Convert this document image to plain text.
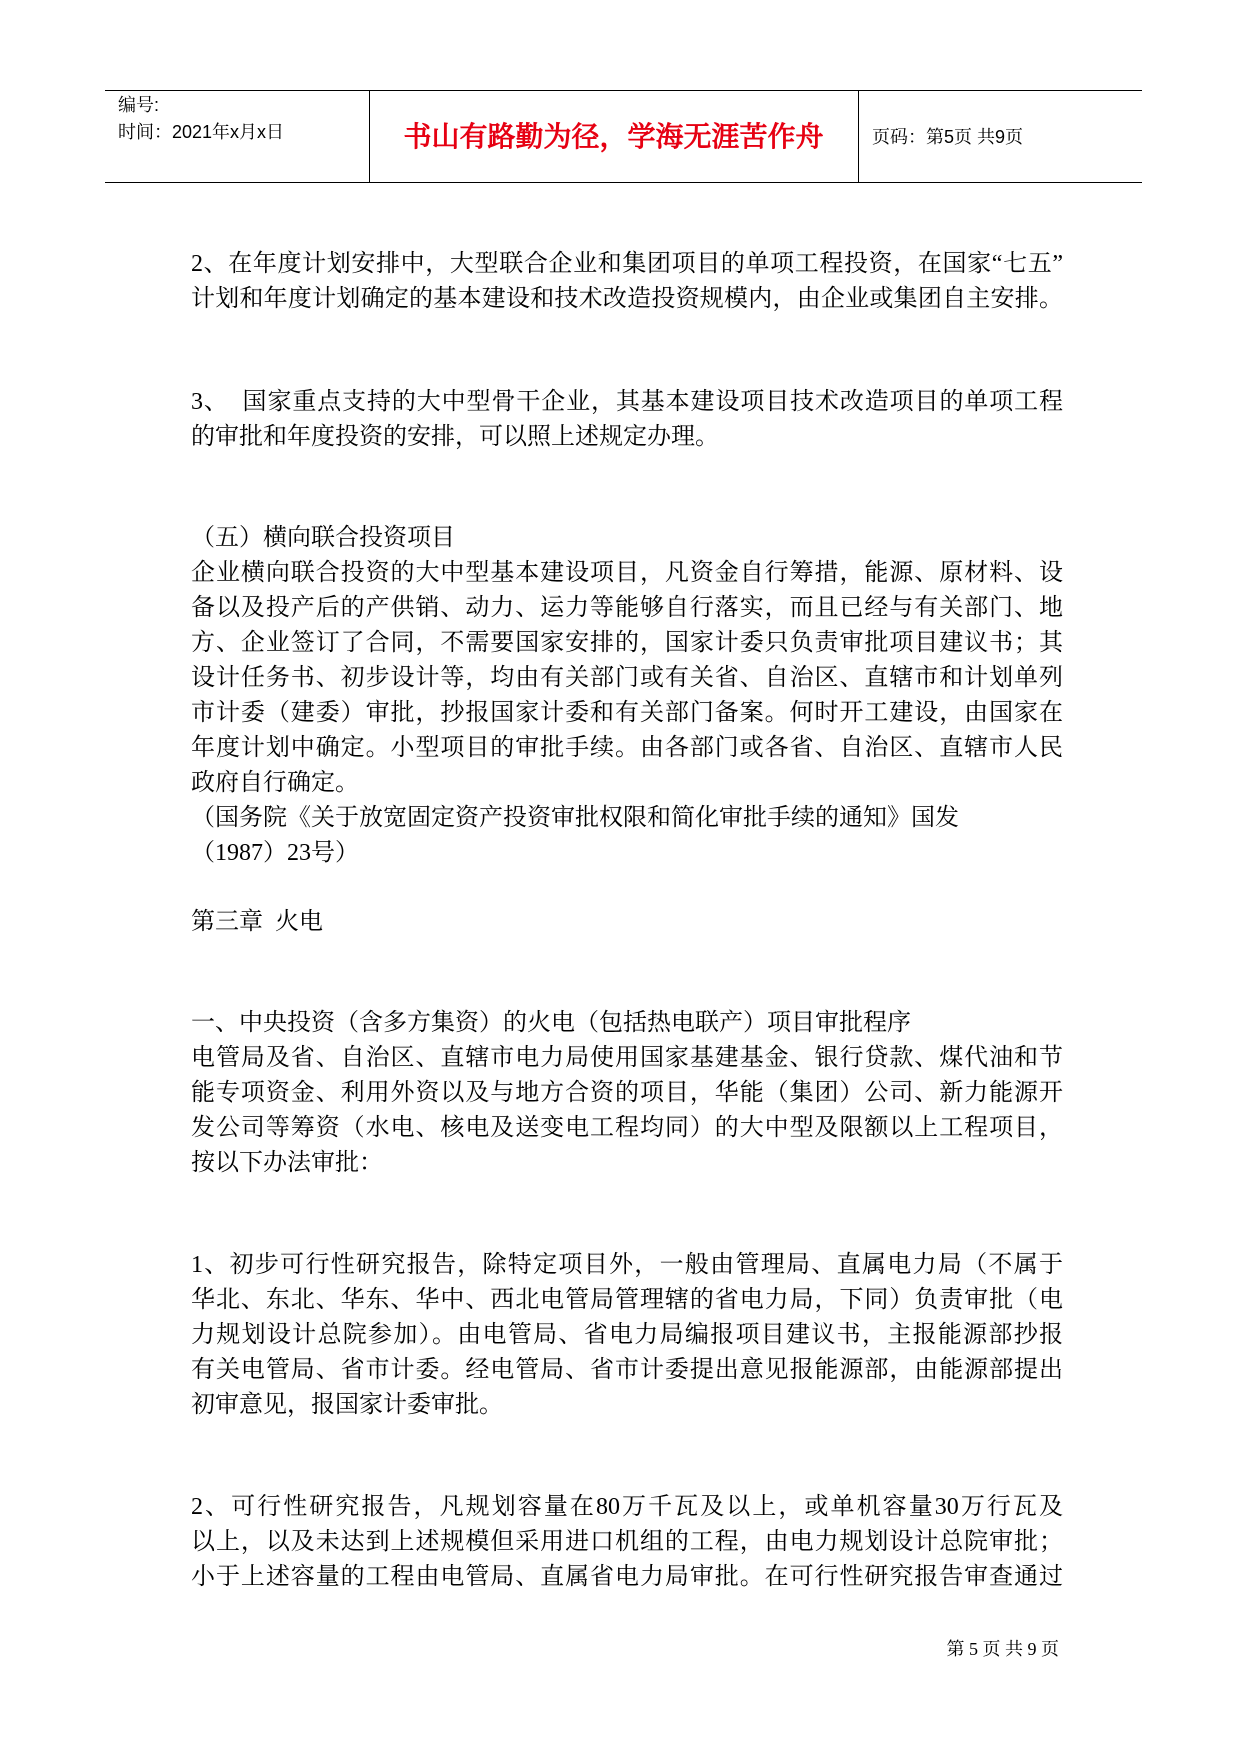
编号:
时间：2021年x月x日	书山有路勤为径，学海无涯苦作舟	页码：第5页 共9页
2、在年度计划安排中，大型联合企业和集团项目的单项工程投资，在国家“七五”
计划和年度计划确定的基本建设和技术改造投资规模内，由企业或集团自主安排。
3、  国家重点支持的大中型骨干企业，其基本建设项目技术改造项目的单项工程
的审批和年度投资的安排，可以照上述规定办理。
（五）横向联合投资项目
企业横向联合投资的大中型基本建设项目，凡资金自行筹措，能源、原材料、设
备以及投产后的产供销、动力、运力等能够自行落实，而且已经与有关部门、地
方、企业签订了合同，不需要国家安排的，国家计委只负责审批项目建议书；其
设计任务书、初步设计等，均由有关部门或有关省、自治区、直辖市和计划单列
市计委（建委）审批，抄报国家计委和有关部门备案。何时开工建设，由国家在
年度计划中确定。小型项目的审批手续。由各部门或各省、自治区、直辖市人民
政府自行确定。
（国务院《关于放宽固定资产投资审批权限和简化审批手续的通知》国发
（1987）23号）
第三章  火电
一、中央投资（含多方集资）的火电（包括热电联产）项目审批程序
电管局及省、自治区、直辖市电力局使用国家基建基金、银行贷款、煤代油和节
能专项资金、利用外资以及与地方合资的项目，华能（集团）公司、新力能源开
发公司等筹资（水电、核电及送变电工程均同）的大中型及限额以上工程项目，
按以下办法审批：
1、初步可行性研究报告，除特定项目外，一般由管理局、直属电力局（不属于
华北、东北、华东、华中、西北电管局管理辖的省电力局，下同）负责审批（电
力规划设计总院参加）。由电管局、省电力局编报项目建议书，主报能源部抄报
有关电管局、省市计委。经电管局、省市计委提出意见报能源部，由能源部提出
初审意见，报国家计委审批。
2、可行性研究报告，凡规划容量在80万千瓦及以上，或单机容量30万行瓦及
以上，以及未达到上述规模但采用进口机组的工程，由电力规划设计总院审批；
小于上述容量的工程由电管局、直属省电力局审批。在可行性研究报告审查通过
第 5 页 共 9 页
